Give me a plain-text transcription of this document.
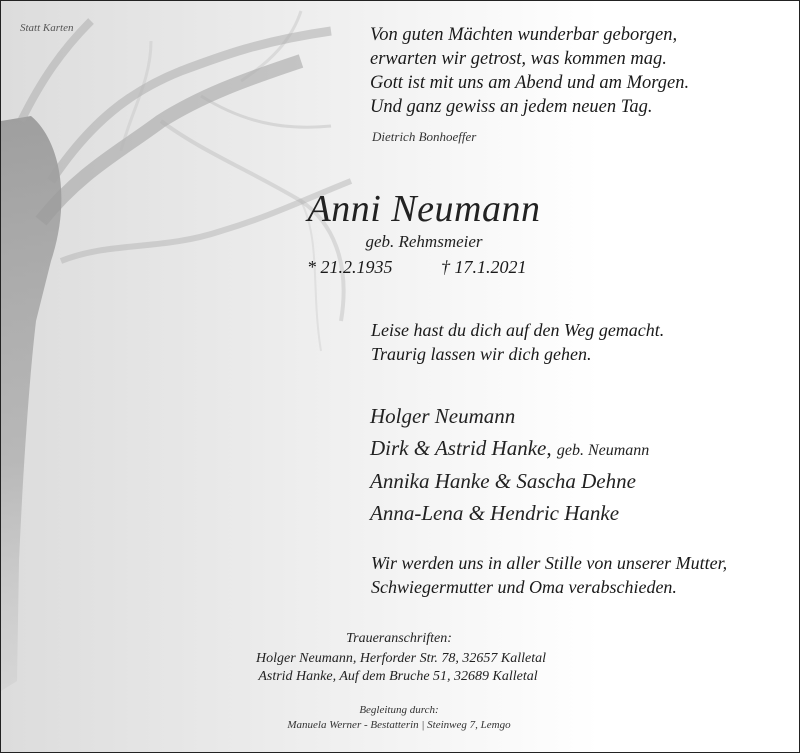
Statt Karten	Von guten Mächten wunderbar geborgen,
erwarten wir getrost, was kommen mag.
Gott ist mit uns am Abend und am Morgen.
Und ganz gewiss an jedem neuen Tag.
Dietrich Bonhoeffer
Anni Neumann
geb. Rehmsmeier
* 21.2.1935	† 17.1.2021
Leise hast du dich auf den Weg gemacht.
Traurig lassen wir dich gehen.
Holger Neumann
Dirk & Astrid Hanke, geb. Neumann
Annika Hanke & Sascha Dehne
Anna-Lena & Hendric Hanke
Wir werden uns in aller Stille von unserer Mutter,
Schwiegermutter und Oma verabschieden.
Traueranschriften:
Holger Neumann, Herforder Str. 78, 32657 Kalletal
Astrid Hanke, Auf dem Bruche 51, 32689 Kalletal
Begleitung durch:
Manuela Werner - Bestatterin | Steinweg 7, Lemgo
